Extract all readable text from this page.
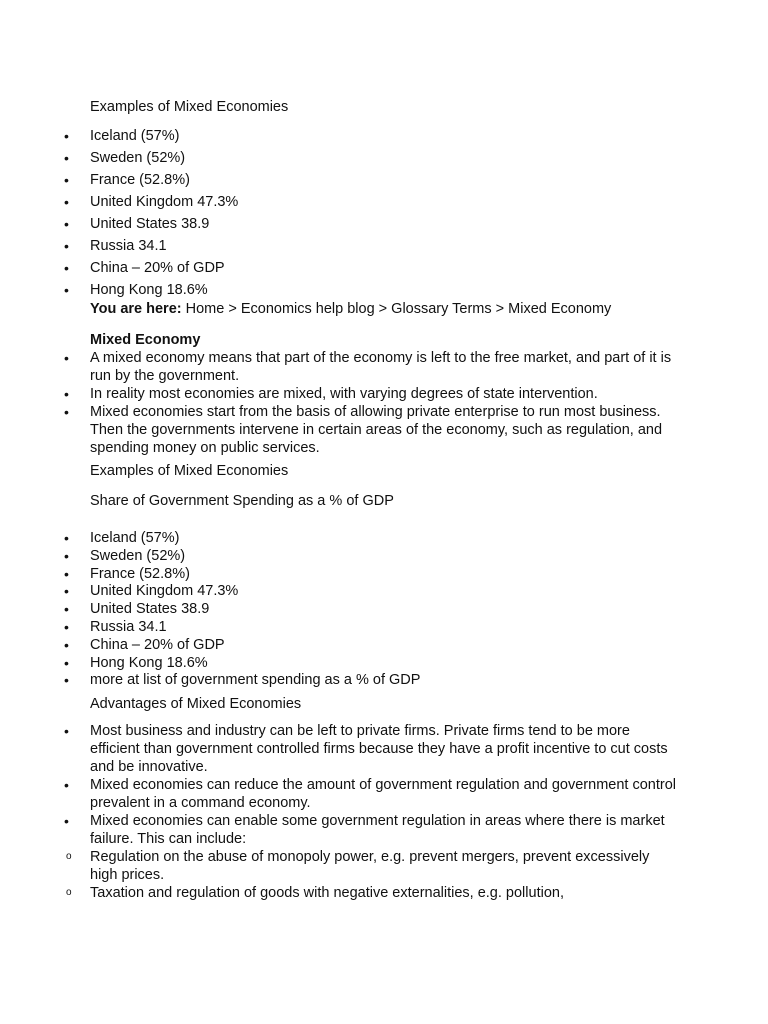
Examples of Mixed Economies

• Iceland (57%)
• Sweden (52%)
• France (52.8%)
• United Kingdom 47.3%
• United States 38.9
• Russia 34.1
• China – 20% of GDP
• Hong Kong 18.6%

You are here: Home > Economics help blog > Glossary Terms > Mixed Economy

Mixed Economy

• A mixed economy means that part of the economy is left to the free market, and part of it is run by the government.
• In reality most economies are mixed, with varying degrees of state intervention.
• Mixed economies start from the basis of allowing private enterprise to run most business. Then the governments intervene in certain areas of the economy, such as regulation, and spending money on public services.

Examples of Mixed Economies

Share of Government Spending as a % of GDP

• Iceland (57%)
• Sweden (52%)
• France (52.8%)
• United Kingdom 47.3%
• United States 38.9
• Russia 34.1
• China – 20% of GDP
• Hong Kong 18.6%
• more at list of government spending as a % of GDP

Advantages of Mixed Economies

• Most business and industry can be left to private firms. Private firms tend to be more efficient than government controlled firms because they have a profit incentive to cut costs and be innovative.
• Mixed economies can reduce the amount of government regulation and government control prevalent in a command economy.
• Mixed economies can enable some government regulation in areas where there is market failure. This can include:
o Regulation on the abuse of monopoly power, e.g. prevent mergers, prevent excessively high prices.
o Taxation and regulation of goods with negative externalities, e.g. pollution,
